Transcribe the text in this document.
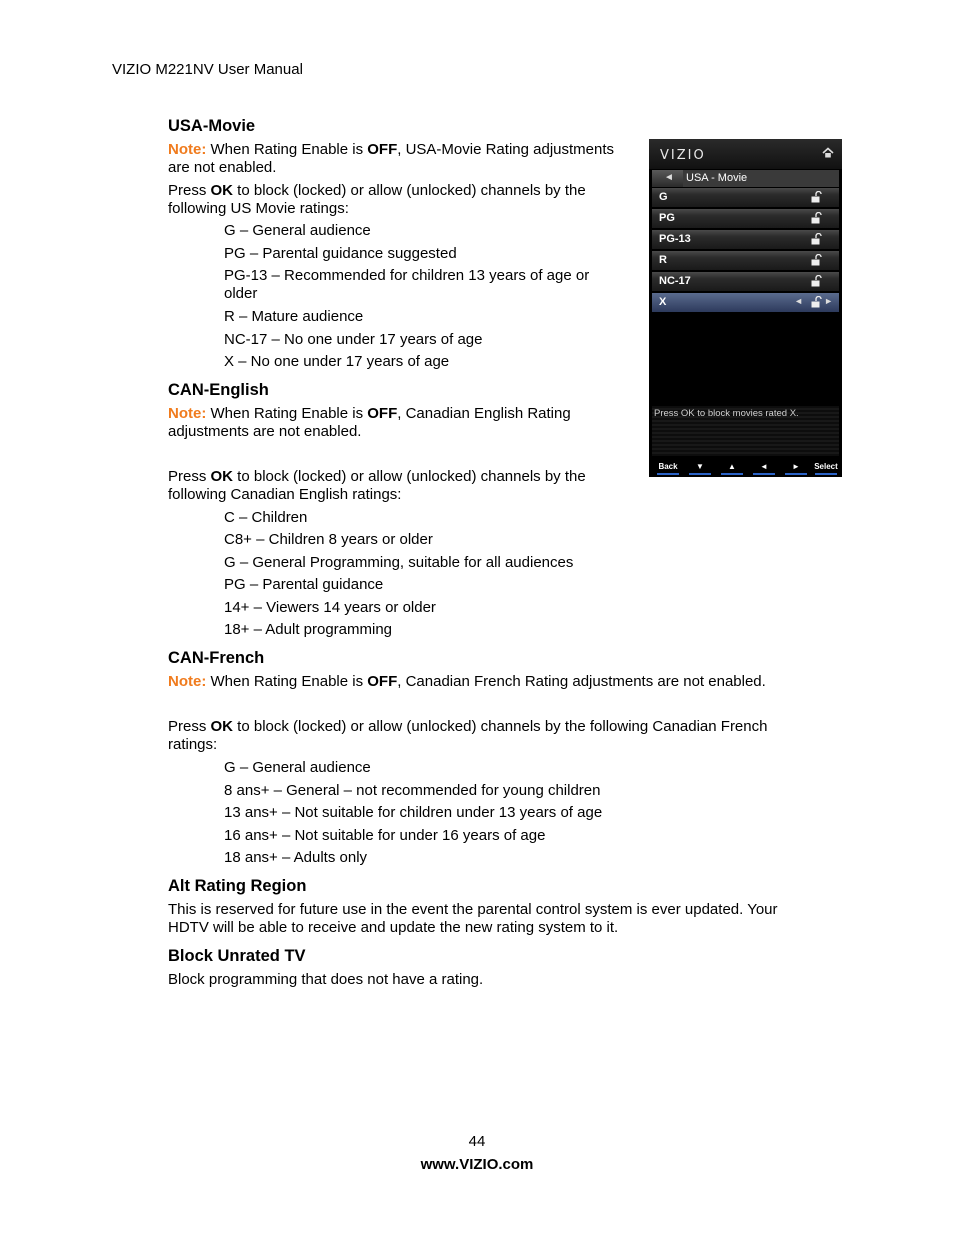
VIZIO M221NV User Manual
USA-Movie

Note: When Rating Enable is OFF, USA-Movie Rating adjustments are not enabled.

Press OK to block (locked) or allow (unlocked) channels by the following US Movie ratings:

G – General audience

PG – Parental guidance suggested

PG-13 – Recommended for children 13 years of age or older

R – Mature audience

NC-17 – No one under 17 years of age

X – No one under 17 years of age

CAN-English

Note: When Rating Enable is OFF, Canadian English Rating adjustments are not enabled.

Press OK to block (locked) or allow (unlocked) channels by the following Canadian English ratings:

C – Children

C8+ – Children 8 years or older

G – General Programming, suitable for all audiences

PG – Parental guidance

14+ – Viewers 14 years or older

18+ – Adult programming

CAN-French

Note: When Rating Enable is OFF, Canadian French Rating adjustments are not enabled.

Press OK to block (locked) or allow (unlocked) channels by the following Canadian French ratings:

G – General audience

8 ans+ – General – not recommended for young children

13 ans+ – Not suitable for children under 13 years of age

16 ans+ – Not suitable for under 16 years of age

18 ans+ – Adults only

Alt Rating Region

This is reserved for future use in the event the parental control system is ever updated. Your HDTV will be able to receive and update the new rating system to it.

Block Unrated TV

Block programming that does not have a rating.

VIZIO
◄ USA - Movie
G
PG
PG-13
R
NC-17
X	◄ ►
Press OK to block movies rated X.
Back	▼	▲	◄	►	Select
44
www.VIZIO.com
